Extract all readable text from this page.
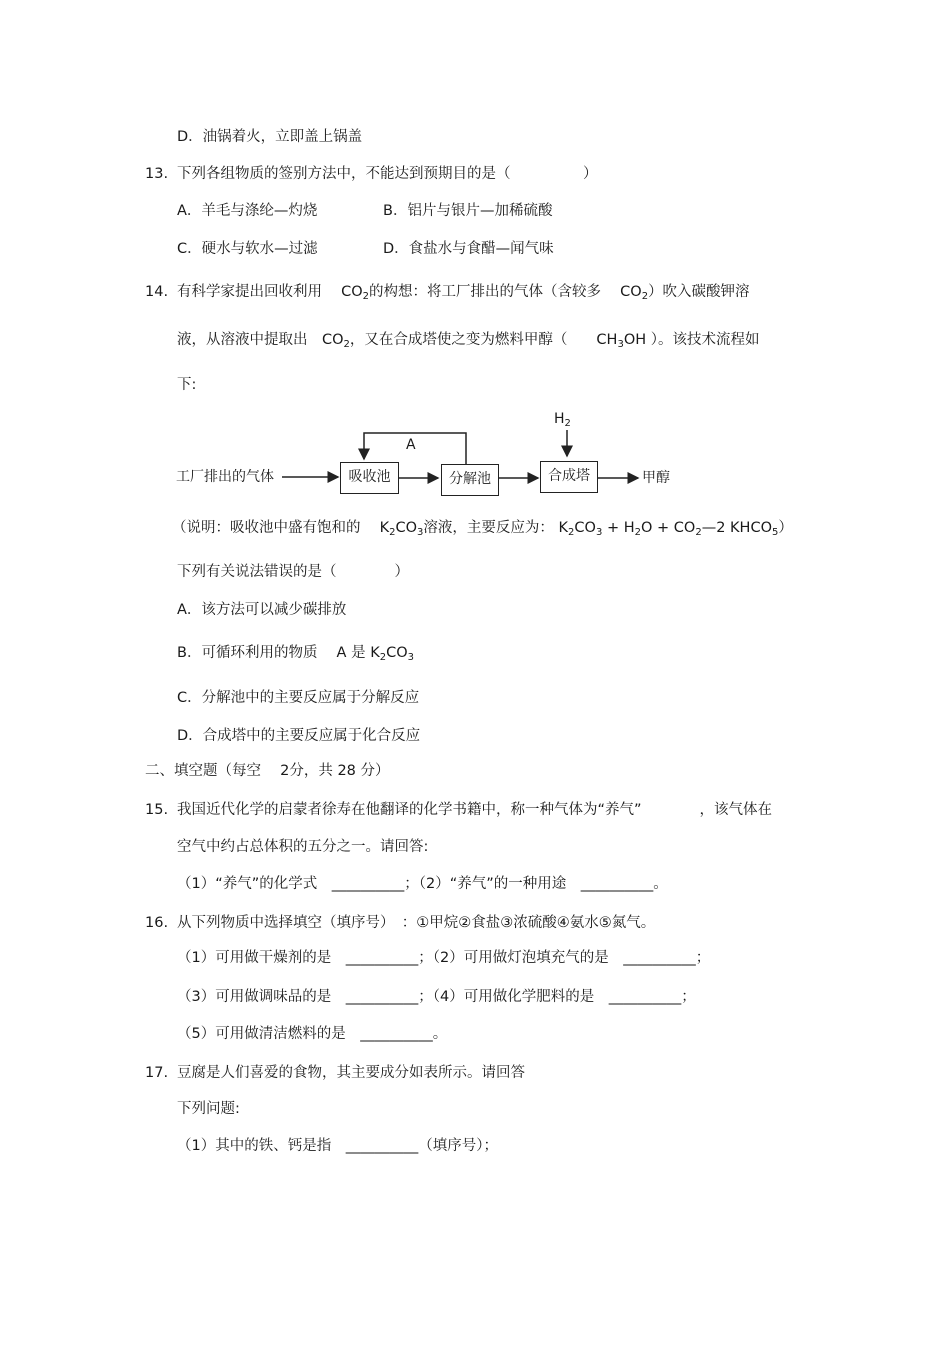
D．油锅着火，立即盖上锅盖
13. 下列各组物质的签别方法中，不能达到预期目的是（　　　　　）
A．羊毛与涤纶—灼烧	B．铝片与银片—加稀硫酸
C．硬水与软水—过滤	D．食盐水与食醋—闻气味
14. 有科学家提出回收利用　 $CO_2$的构想：将工厂排出的气体（含较多　 $CO_2$）吹入碳酸钾溶
液，从溶液中提取出　$CO_2$，又在合成塔使之变为燃料甲醇（　　$CH_3OH$ ）。该技术流程如
下:
$H_2$
A
工厂排出的气体	吸收池	分解池	合成塔	甲醇
（说明：吸收池中盛有饱和的　 $K_2CO_3$溶液，主要反应为： $K_2CO_3 + H_2O$ + $CO_2—2$ $KHCO_5$）
下列有关说法错误的是（　　　　）
A．该方法可以减少碳排放
B．可循环利用的物质　 A 是 $K_2CO_3$
C．分解池中的主要反应属于分解反应
D．合成塔中的主要反应属于化合反应
二、填空题（每空　 2分，共 28 分）
15. 我国近代化学的启蒙者徐寿在他翻译的化学书籍中，称一种气体为“养气”　　　　，该气体在
空气中约占总体积的五分之一。请回答:
（1）“养气”的化学式　__________；（2）“养气”的一种用途　__________。
16. 从下列物质中选择填空（填序号）　：①甲烷②食盐③浓硫酸④氨水⑤氮气。
（1）可用做干燥剂的是　__________；（2）可用做灯泡填充气的是　__________；
（3）可用做调味品的是　__________；（4）可用做化学肥料的是　__________；
（5）可用做清洁燃料的是　__________。
17. 豆腐是人们喜爱的食物，其主要成分如表所示。请回答
下列问题:
（1）其中的铁、钙是指　__________（填序号）；
